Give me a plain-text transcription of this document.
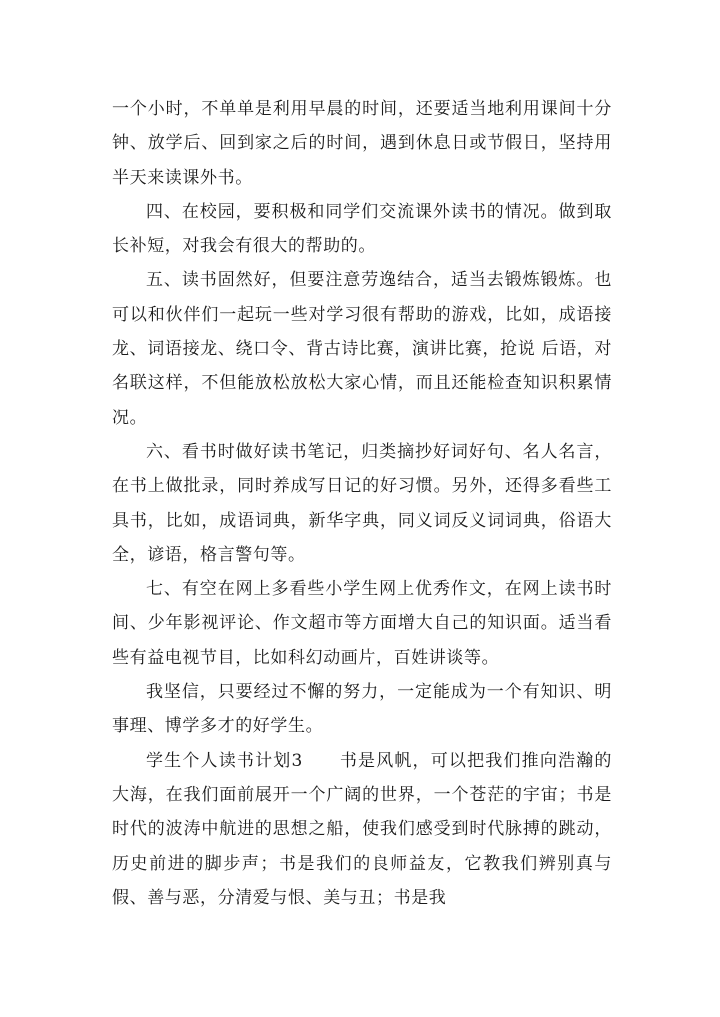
一个小时，不单单是利用早晨的时间，还要适当地利用课间十分钟、放学后、回到家之后的时间，遇到休息日或节假日，坚持用半天来读课外书。

四、在校园，要积极和同学们交流课外读书的情况。做到取长补短，对我会有很大的帮助的。

五、读书固然好，但要注意劳逸结合，适当去锻炼锻炼。也可以和伙伴们一起玩一些对学习很有帮助的游戏，比如，成语接龙、词语接龙、绕口令、背古诗比赛，演讲比赛，抢说 后语，对名联这样，不但能放松放松大家心情，而且还能检查知识积累情况。

六、看书时做好读书笔记，归类摘抄好词好句、名人名言，在书上做批录，同时养成写日记的好习惯。另外，还得多看些工具书，比如，成语词典，新华字典，同义词反义词词典，俗语大全，谚语，格言警句等。

七、有空在网上多看些小学生网上优秀作文，在网上读书时间、少年影视评论、作文超市等方面增大自己的知识面。适当看些有益电视节目，比如科幻动画片，百姓讲谈等。

我坚信，只要经过不懈的努力，一定能成为一个有知识、明事理、博学多才的好学生。

学生个人读书计划3　　书是风帆，可以把我们推向浩瀚的大海，在我们面前展开一个广阔的世界，一个苍茫的宇宙；书是时代的波涛中航进的思想之船，使我们感受到时代脉搏的跳动，历史前进的脚步声；书是我们的良师益友，它教我们辨别真与假、善与恶，分清爱与恨、美与丑；书是我
